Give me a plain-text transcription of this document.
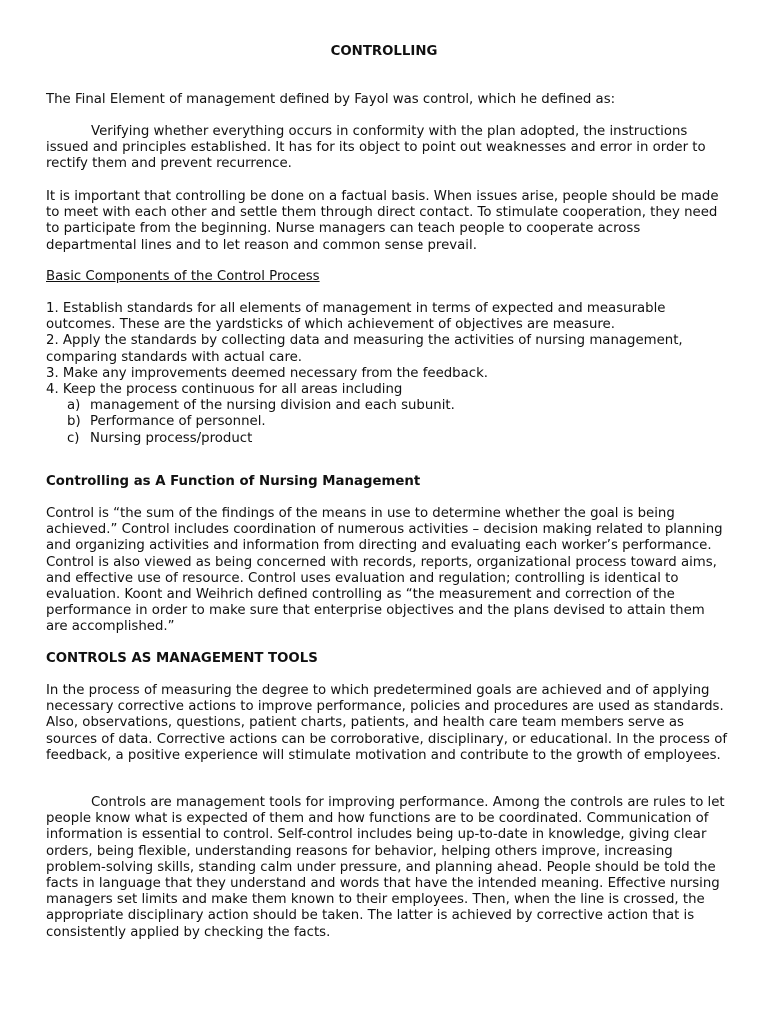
CONTROLLING

The Final Element of management defined by Fayol was control, which he defined as:

Verifying whether everything occurs in conformity with the plan adopted, the instructions issued and principles established. It has for its object to point out weaknesses and error in order to rectify them and prevent recurrence.

It is important that controlling be done on a factual basis. When issues arise, people should be made to meet with each other and settle them through direct contact. To stimulate cooperation, they need to participate from the beginning. Nurse managers can teach people to cooperate across departmental lines and to let reason and common sense prevail.

Basic Components of the Control Process

1. Establish standards for all elements of management in terms of expected and measurable outcomes. These are the yardsticks of which achievement of objectives are measure.
2. Apply the standards by collecting data and measuring the activities of nursing management, comparing standards with actual care.
3. Make any improvements deemed necessary from the feedback.
4. Keep the process continuous for all areas including
a) management of the nursing division and each subunit.
b) Performance of personnel.
c) Nursing process/product

Controlling as A Function of Nursing Management

Control is “the sum of the findings of the means in use to determine whether the goal is being achieved.” Control includes coordination of numerous activities – decision making related to planning and organizing activities and information from directing and evaluating each worker’s performance. Control is also viewed as being concerned with records, reports, organizational process toward aims, and effective use of resource. Control uses evaluation and regulation; controlling is identical to evaluation. Koont and Weihrich defined controlling as “the measurement and correction of the performance in order to make sure that enterprise objectives and the plans devised to attain them are accomplished.”

CONTROLS AS MANAGEMENT TOOLS

In the process of measuring the degree to which predetermined goals are achieved and of applying necessary corrective actions to improve performance, policies and procedures are used as standards. Also, observations, questions, patient charts, patients, and health care team members serve as sources of data. Corrective actions can be corroborative, disciplinary, or educational. In the process of feedback, a positive experience will stimulate motivation and contribute to the growth of employees.

Controls are management tools for improving performance. Among the controls are rules to let people know what is expected of them and how functions are to be coordinated. Communication of information is essential to control. Self-control includes being up-to-date in knowledge, giving clear orders, being flexible, understanding reasons for behavior, helping others improve, increasing problem-solving skills, standing calm under pressure, and planning ahead. People should be told the facts in language that they understand and words that have the intended meaning. Effective nursing managers set limits and make them known to their employees. Then, when the line is crossed, the appropriate disciplinary action should be taken. The latter is achieved by corrective action that is consistently applied by checking the facts.
